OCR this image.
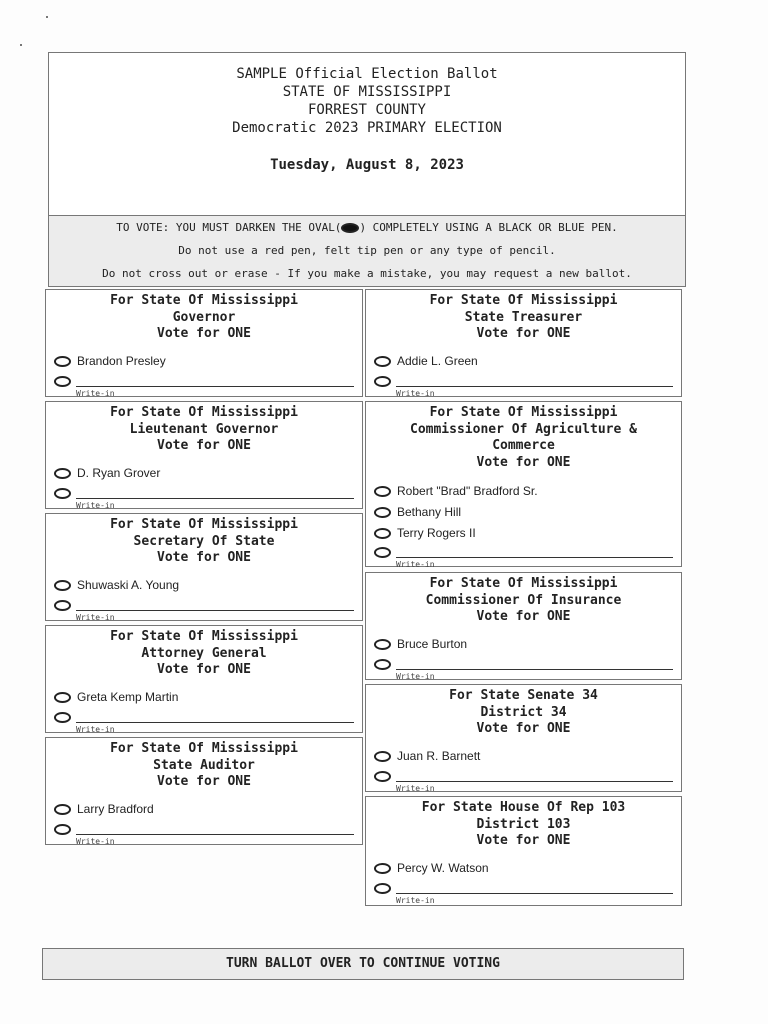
SAMPLE Official Election Ballot
STATE OF MISSISSIPPI
FORREST COUNTY
Democratic 2023 PRIMARY ELECTION
Tuesday, August 8, 2023
TO VOTE: YOU MUST DARKEN THE OVAL( ) COMPLETELY USING A BLACK OR BLUE PEN.
Do not use a red pen, felt tip pen or any type of pencil.
Do not cross out or erase - If you make a mistake, you may request a new ballot.
For State Of Mississippi
Governor
Vote for ONE
Brandon Presley
Write-in
For State Of Mississippi
Lieutenant Governor
Vote for ONE
D. Ryan Grover
Write-in
For State Of Mississippi
Secretary Of State
Vote for ONE
Shuwaski A. Young
Write-in
For State Of Mississippi
Attorney General
Vote for ONE
Greta Kemp Martin
Write-in
For State Of Mississippi
State Auditor
Vote for ONE
Larry Bradford
Write-in
For State Of Mississippi
State Treasurer
Vote for ONE
Addie L. Green
Write-in
For State Of Mississippi
Commissioner Of Agriculture &
Commerce
Vote for ONE
Robert "Brad" Bradford Sr.
Bethany Hill
Terry Rogers II
Write-in
For State Of Mississippi
Commissioner Of Insurance
Vote for ONE
Bruce Burton
Write-in
For State Senate 34
District 34
Vote for ONE
Juan R. Barnett
Write-in
For State House Of Rep 103
District 103
Vote for ONE
Percy W. Watson
Write-in
TURN BALLOT OVER TO CONTINUE VOTING
